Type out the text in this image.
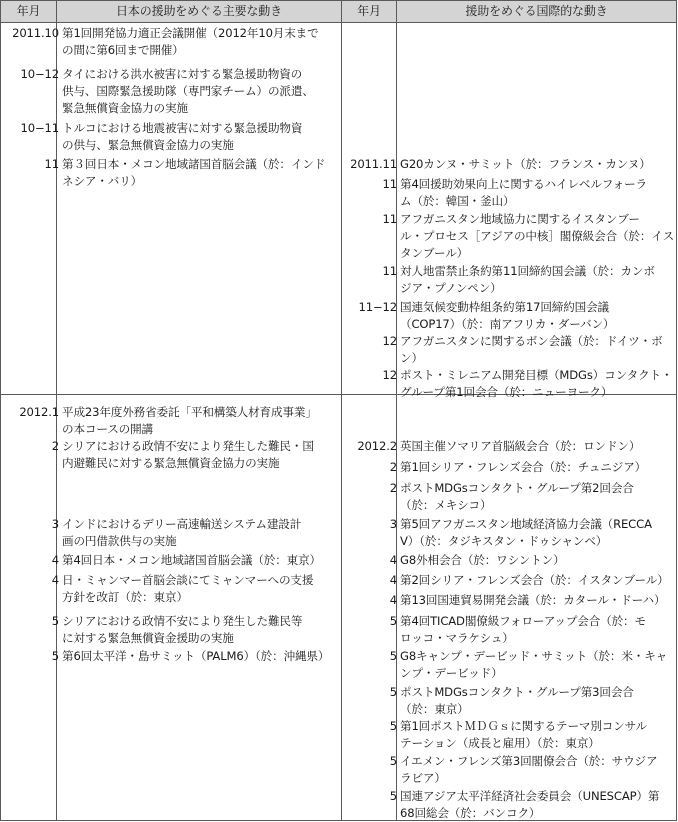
年月	日本の援助をめぐる主要な動き	年月	援助をめぐる国際的な動き
2011.10 第1回開発協力適正会議開催（2012年10月末まで
の間に第6回まで開催）
10−12 タイにおける洪水被害に対する緊急援助物資の
供与、国際緊急援助隊（専門家チーム）の派遣、
緊急無償資金協力の実施
10−11 トルコにおける地震被害に対する緊急援助物資
の供与、緊急無償資金協力の実施
11 第３回日本・メコン地域諸国首脳会議（於：インド
ネシア・バリ）
2011.11 G20カンヌ・サミット（於：フランス・カンヌ）
11 第4回援助効果向上に関するハイレベルフォーラ
ム（於：韓国・釜山）
11 アフガニスタン地域協力に関するイスタンブー
ル・プロセス［アジアの中核］閣僚級会合（於：イス
タンブール）
11 対人地雷禁止条約第11回締約国会議（於：カンボ
ジア・プノンペン）
11−12 国連気候変動枠組条約第17回締約国会議
（COP17）（於：南アフリカ・ダーバン）
12 アフガニスタンに関するボン会議（於：ドイツ・ボ
ン）
12 ポスト・ミレニアム開発目標（MDGs）コンタクト・
グループ第1回会合（於：ニューヨーク）
2012.1 平成23年度外務省委託「平和構築人材育成事業」
の本コースの開講
2 シリアにおける政情不安により発生した難民・国
内避難民に対する緊急無償資金協力の実施
3 インドにおけるデリー高速輸送システム建設計
画の円借款供与の実施
4 第4回日本・メコン地域諸国首脳会議（於：東京）
4 日・ミャンマー首脳会談にてミャンマーへの支援
方針を改訂（於：東京）
5 シリアにおける政情不安により発生した難民等
に対する緊急無償資金援助の実施
5 第6回太平洋・島サミット（PALM6）（於：沖縄県）
2012.2 英国主催ソマリア首脳級会合（於：ロンドン）
2 第1回シリア・フレンズ会合（於：チュニジア）
2 ポストMDGsコンタクト・グループ第2回会合
（於：メキシコ）
3 第5回アフガニスタン地域経済協力会議（RECCA
V）（於：タジキスタン・ドゥシャンベ）
4 G8外相会合（於：ワシントン）
4 第2回シリア・フレンズ会合（於：イスタンブール）
4 第13回国連貿易開発会議（於：カタール・ドーハ）
5 第4回TICAD閣僚級フォローアップ会合（於：モ
ロッコ・マラケシュ）
5 G8キャンプ・デービッド・サミット（於：米・キャ
ンプ・デービッド）
5 ポストMDGsコンタクト・グループ第3回会合
（於：東京）
5 第1回ポストＭＤＧｓに関するテーマ別コンサル
テーション（成長と雇用）（於：東京）
5 イエメン・フレンズ第3回閣僚会合（於：サウジア
ラビア）
5 国連アジア太平洋経済社会委員会（UNESCAP）第
68回総会（於：バンコク）
